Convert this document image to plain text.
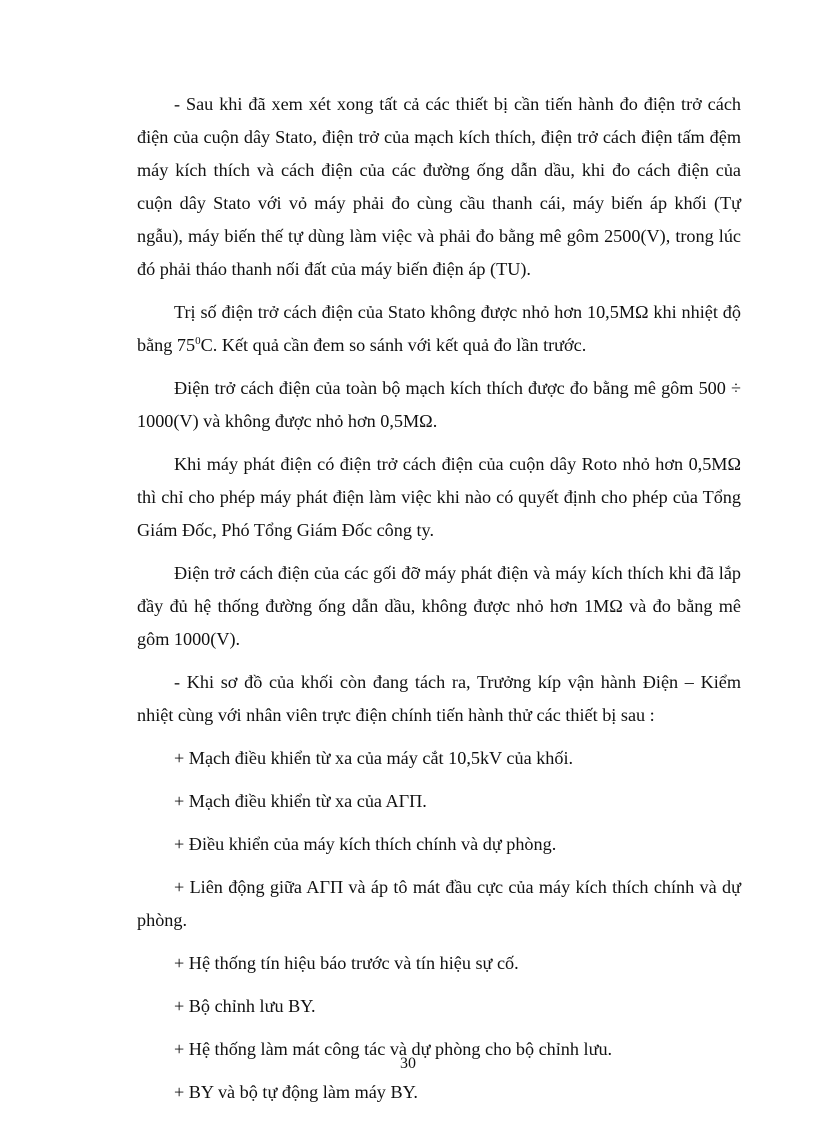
- Sau khi đã xem xét xong tất cả các thiết bị cần tiến hành đo điện trở cách điện của cuộn dây Stato, điện trở của mạch kích thích, điện trở cách điện tấm đệm máy kích thích và cách điện của các đường ống dẫn dầu, khi đo cách điện của cuộn dây Stato với vỏ máy phải đo cùng cầu thanh cái, máy biến áp khối (Tự ngẫu), máy biến thế tự dùng làm việc và phải đo bằng mê gôm 2500(V), trong lúc đó phải tháo thanh nối đất của máy biến điện áp (TU).

Trị số điện trở cách điện của Stato không được nhỏ hơn 10,5MΩ khi nhiệt độ bằng $75^0C$. Kết quả cần đem so sánh với kết quả đo lần trước.

Điện trở cách điện của toàn bộ mạch kích thích được đo bằng mê gôm 500 ÷ 1000(V) và không được nhỏ hơn 0,5MΩ.

Khi máy phát điện có điện trở cách điện của cuộn dây Roto nhỏ hơn 0,5MΩ thì chỉ cho phép máy phát điện làm việc khi nào có quyết định cho phép của Tổng Giám Đốc, Phó Tổng Giám Đốc công ty.

Điện trở cách điện của các gối đỡ máy phát điện và máy kích thích khi đã lắp đầy đủ hệ thống đường ống dẫn dầu, không được nhỏ hơn 1MΩ và đo bằng mê gôm 1000(V).

- Khi sơ đồ của khối còn đang tách ra, Trưởng kíp vận hành Điện – Kiểm nhiệt cùng với nhân viên trực điện chính tiến hành thử các thiết bị sau :

+ Mạch điều khiển từ xa của máy cắt 10,5kV của khối.

+ Mạch điều khiển từ xa của AГП.

+ Điều khiển của máy kích thích chính và dự phòng.

+ Liên động giữa AГП và áp tô mát đầu cực của máy kích thích chính và dự phòng.

+ Hệ thống tín hiệu báo trước và tín hiệu sự cố.

+ Bộ chỉnh lưu BY.

+ Hệ thống làm mát công tác và dự phòng cho bộ chỉnh lưu.

+ BY và bộ tự động làm máy BY.

30
